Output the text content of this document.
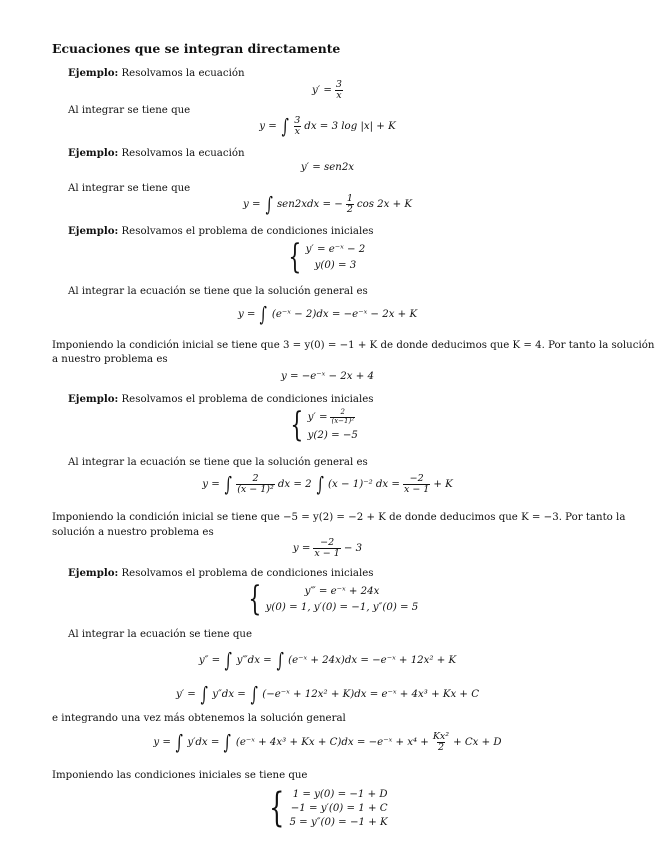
Ecuaciones que se integran directamente
Ejemplo: Resolvamos la ecuación
$y' = \frac{3}{x}$
Al integrar se tiene que
y = ∫ $\frac{3}{x}$ dx = 3 log |x| + K
Ejemplo: Resolvamos la ecuación
y′ = sen2x
Al integrar se tiene que
y = ∫ sen2xdx = − $\frac{1}{2}$ cos 2x + K
Ejemplo: Resolvamos el problema de condiciones iniciales
{ y′ = e⁻ˣ − 2
y(0) = 3
Al integrar la ecuación se tiene que la solución general es
y = ∫ (e⁻ˣ − 2)dx = −e⁻ˣ − 2x + K
Imponiendo la condición inicial se tiene que 3 = y(0) = −1 + K de donde deducimos que K = 4. Por tanto la solución
a nuestro problema es
y = −e⁻ˣ − 2x + 4
Ejemplo: Resolvamos el problema de condiciones iniciales
{ $y' = \frac{2}{\text{(x−1)²}}$
y(2) = −5
Al integrar la ecuación se tiene que la solución general es
y = ∫ $\frac{2}{\text{(x − 1)²}}$ dx = 2 ∫ (x − 1)⁻² dx = $\frac{-2}{x - 1} + K$
Imponiendo la condición inicial se tiene que −5 = y(2) = −2 + K de donde deducimos que K = −3. Por tanto la
solución a nuestro problema es
$y = \frac{-2}{x - 1} - 3$
Ejemplo: Resolvamos el problema de condiciones iniciales
{	y‴ = e⁻ˣ + 24x
y(0) = 1, y′(0) = −1, y″(0) = 5
Al integrar la ecuación se tiene que
y″ = ∫ y‴dx = ∫ (e⁻ˣ + 24x)dx = −e⁻ˣ + 12x² + K
y′ = ∫ y″dx = ∫ (−e⁻ˣ + 12x² + K)dx = e⁻ˣ + 4x³ + Kx + C
e integrando una vez más obtenemos la solución general
y = ∫ y′dx = ∫ (e⁻ˣ + 4x³ + Kx + C)dx = −e⁻ˣ + $x^4 + \frac{\text{Kx²}}{2} + Cx + D$
Imponiendo las condiciones iniciales se tiene que
{ 1 = y(0) = −1 + D
−1 = y′(0) = 1 + C
5 = y″(0) = −1 + K
